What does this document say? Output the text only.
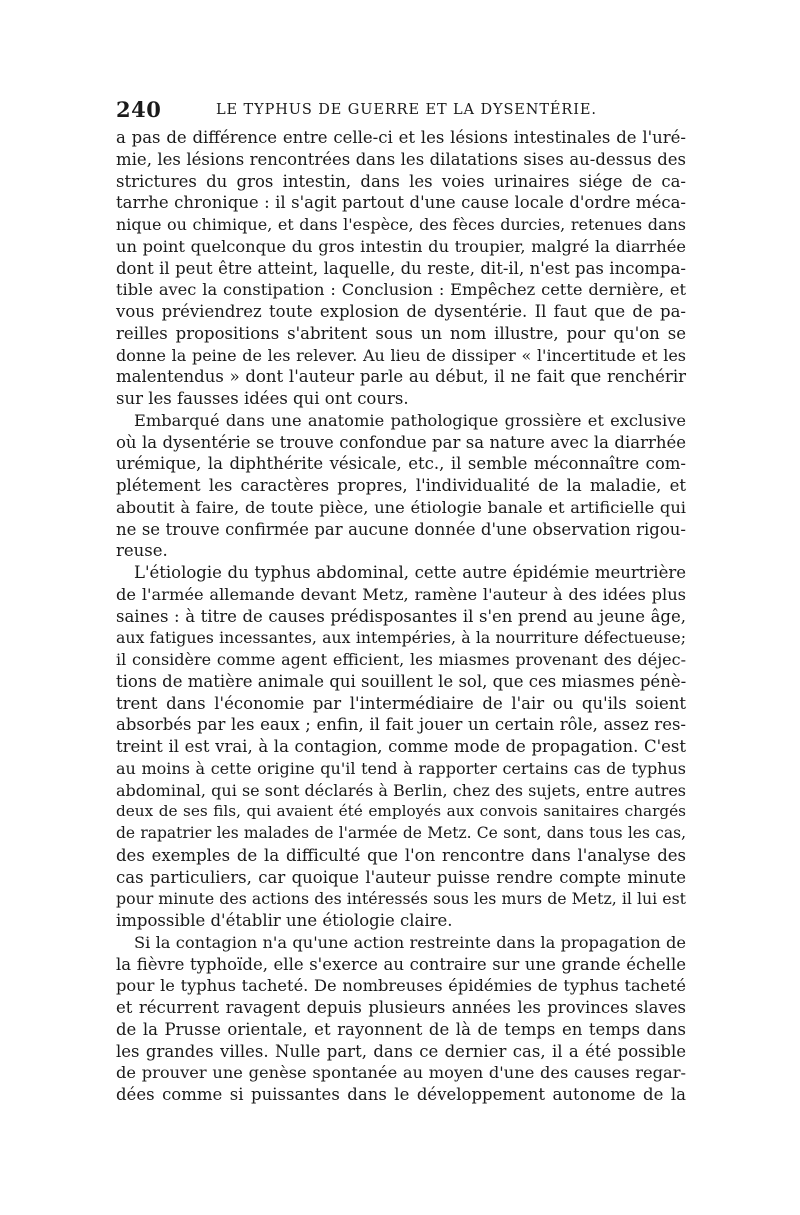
240	LE TYPHUS DE GUERRE ET LA DYSENTÉRIE.
a pas de différence entre celle-ci et les lésions intestinales de l'uré-
mie, les lésions rencontrées dans les dilatations sises au-dessus des
strictures du gros intestin, dans les voies urinaires siége de ca-
tarrhe chronique : il s'agit partout d'une cause locale d'ordre méca-
nique ou chimique, et dans l'espèce, des fèces durcies, retenues dans
un point quelconque du gros intestin du troupier, malgré la diarrhée
dont il peut être atteint, laquelle, du reste, dit-il, n'est pas incompa-
tible avec la constipation : Conclusion : Empêchez cette dernière, et
vous préviendrez toute explosion de dysentérie. Il faut que de pa-
reilles propositions s'abritent sous un nom illustre, pour qu'on se
donne la peine de les relever. Au lieu de dissiper « l'incertitude et les
malentendus » dont l'auteur parle au début, il ne fait que renchérir
sur les fausses idées qui ont cours.
Embarqué dans une anatomie pathologique grossière et exclusive
où la dysentérie se trouve confondue par sa nature avec la diarrhée
urémique, la diphthérite vésicale, etc., il semble méconnaître com-
plétement les caractères propres, l'individualité de la maladie, et
aboutit à faire, de toute pièce, une étiologie banale et artificielle qui
ne se trouve confirmée par aucune donnée d'une observation rigou-
reuse.
L'étiologie du typhus abdominal, cette autre épidémie meurtrière
de l'armée allemande devant Metz, ramène l'auteur à des idées plus
saines : à titre de causes prédisposantes il s'en prend au jeune âge,
aux fatigues incessantes, aux intempéries, à la nourriture défectueuse;
il considère comme agent efficient, les miasmes provenant des déjec-
tions de matière animale qui souillent le sol, que ces miasmes pénè-
trent dans l'économie par l'intermédiaire de l'air ou qu'ils soient
absorbés par les eaux ; enfin, il fait jouer un certain rôle, assez res-
treint il est vrai, à la contagion, comme mode de propagation. C'est
au moins à cette origine qu'il tend à rapporter certains cas de typhus
abdominal, qui se sont déclarés à Berlin, chez des sujets, entre autres
deux de ses fils, qui avaient été employés aux convois sanitaires chargés
de rapatrier les malades de l'armée de Metz. Ce sont, dans tous les cas,
des exemples de la difficulté que l'on rencontre dans l'analyse des
cas particuliers, car quoique l'auteur puisse rendre compte minute
pour minute des actions des intéressés sous les murs de Metz, il lui est
impossible d'établir une étiologie claire.
Si la contagion n'a qu'une action restreinte dans la propagation de
la fièvre typhoïde, elle s'exerce au contraire sur une grande échelle
pour le typhus tacheté. De nombreuses épidémies de typhus tacheté
et récurrent ravagent depuis plusieurs années les provinces slaves
de la Prusse orientale, et rayonnent de là de temps en temps dans
les grandes villes. Nulle part, dans ce dernier cas, il a été possible
de prouver une genèse spontanée au moyen d'une des causes regar-
dées comme si puissantes dans le développement autonome de la
